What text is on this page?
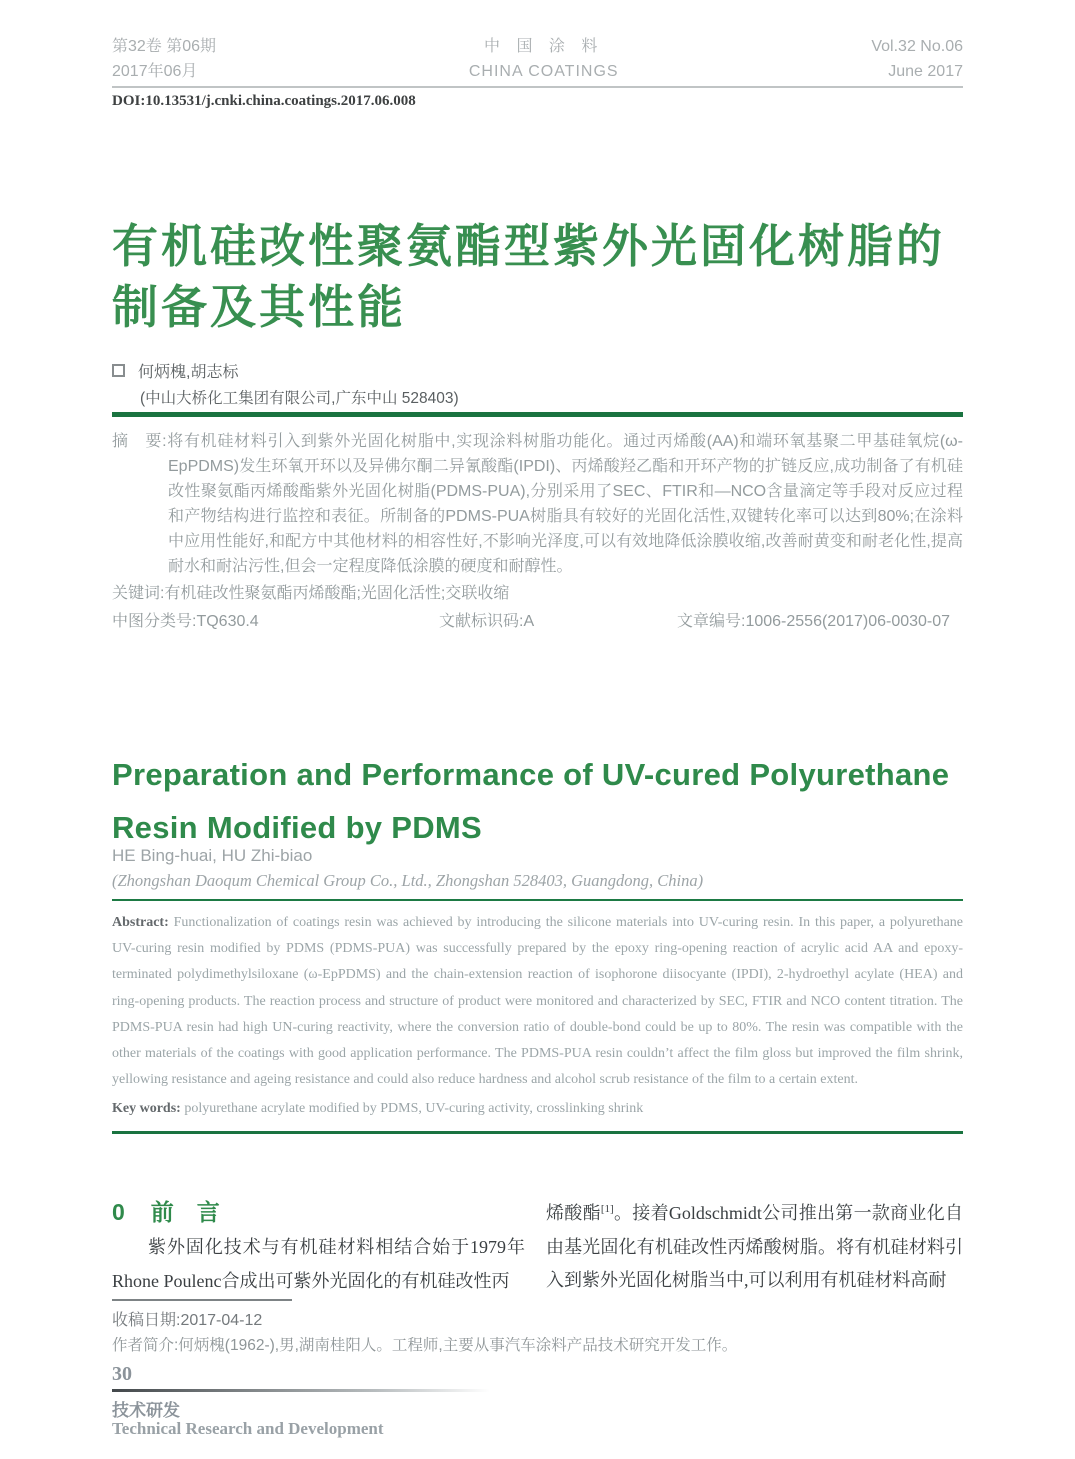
第32卷 第06期
2017年06月
中 国 涂 料
CHINA COATINGS
Vol.32 No.06
June 2017
DOI:10.13531/j.cnki.china.coatings.2017.06.008
有机硅改性聚氨酯型紫外光固化树脂的
制备及其性能
何炳槐,胡志标
(中山大桥化工集团有限公司,广东中山 528403)

摘　要:将有机硅材料引入到紫外光固化树脂中,实现涂料树脂功能化。通过丙烯酸(AA)和端环氧基聚二甲基硅氧烷(ω-EpPDMS)发生环氧开环以及异佛尔酮二异氰酸酯(IPDI)、丙烯酸羟乙酯和开环产物的扩链反应,成功制备了有机硅改性聚氨酯丙烯酸酯紫外光固化树脂(PDMS-PUA),分别采用了SEC、FTIR和—NCO含量滴定等手段对反应过程和产物结构进行监控和表征。所制备的PDMS-PUA树脂具有较好的光固化活性,双键转化率可以达到80%;在涂料中应用性能好,和配方中其他材料的相容性好,不影响光泽度,可以有效地降低涂膜收缩,改善耐黄变和耐老化性,提高耐水和耐沾污性,但会一定程度降低涂膜的硬度和耐醇性。

关键词:有机硅改性聚氨酯丙烯酸酯;光固化活性;交联收缩
中图分类号:TQ630.4	文献标识码:A	文章编号:1006-2556(2017)06-0030-07
Preparation and Performance of UV-cured Polyurethane
Resin Modified by PDMS
HE Bing-huai, HU Zhi-biao
(Zhongshan Daoqum Chemical Group Co., Ltd., Zhongshan 528403, Guangdong, China)

Abstract: Functionalization of coatings resin was achieved by introducing the silicone materials into UV-curing resin. In this paper, a polyurethane UV-curing resin modified by PDMS (PDMS-PUA) was successfully prepared by the epoxy ring-opening reaction of acrylic acid AA and epoxy-terminated polydimethylsiloxane (ω-EpPDMS) and the chain-extension reaction of isophorone diisocyante (IPDI), 2-hydroethyl acylate (HEA) and ring-opening products. The reaction process and structure of product were monitored and characterized by SEC, FTIR and NCO content titration. The PDMS-PUA resin had high UN-curing reactivity, where the conversion ratio of double-bond could be up to 80%. The resin was compatible with the other materials of the coatings with good application performance. The PDMS-PUA resin couldn’t affect the film gloss but improved the film shrink, yellowing resistance and ageing resistance and could also reduce hardness and alcohol scrub resistance of the film to a certain extent.

Key words: polyurethane acrylate modified by PDMS, UV-curing activity, crosslinking shrink

0 前　言

紫外固化技术与有机硅材料相结合始于1979年Rhone Poulenc合成出可紫外光固化的有机硅改性丙

烯酸酯[1]。接着Goldschmidt公司推出第一款商业化自由基光固化有机硅改性丙烯酸树脂。将有机硅材料引入到紫外光固化树脂当中,可以利用有机硅材料高耐

收稿日期:2017-04-12
作者简介:何炳槐(1962-),男,湖南桂阳人。工程师,主要从事汽车涂料产品技术研究开发工作。
30
技术研发
Technical Research and Development
